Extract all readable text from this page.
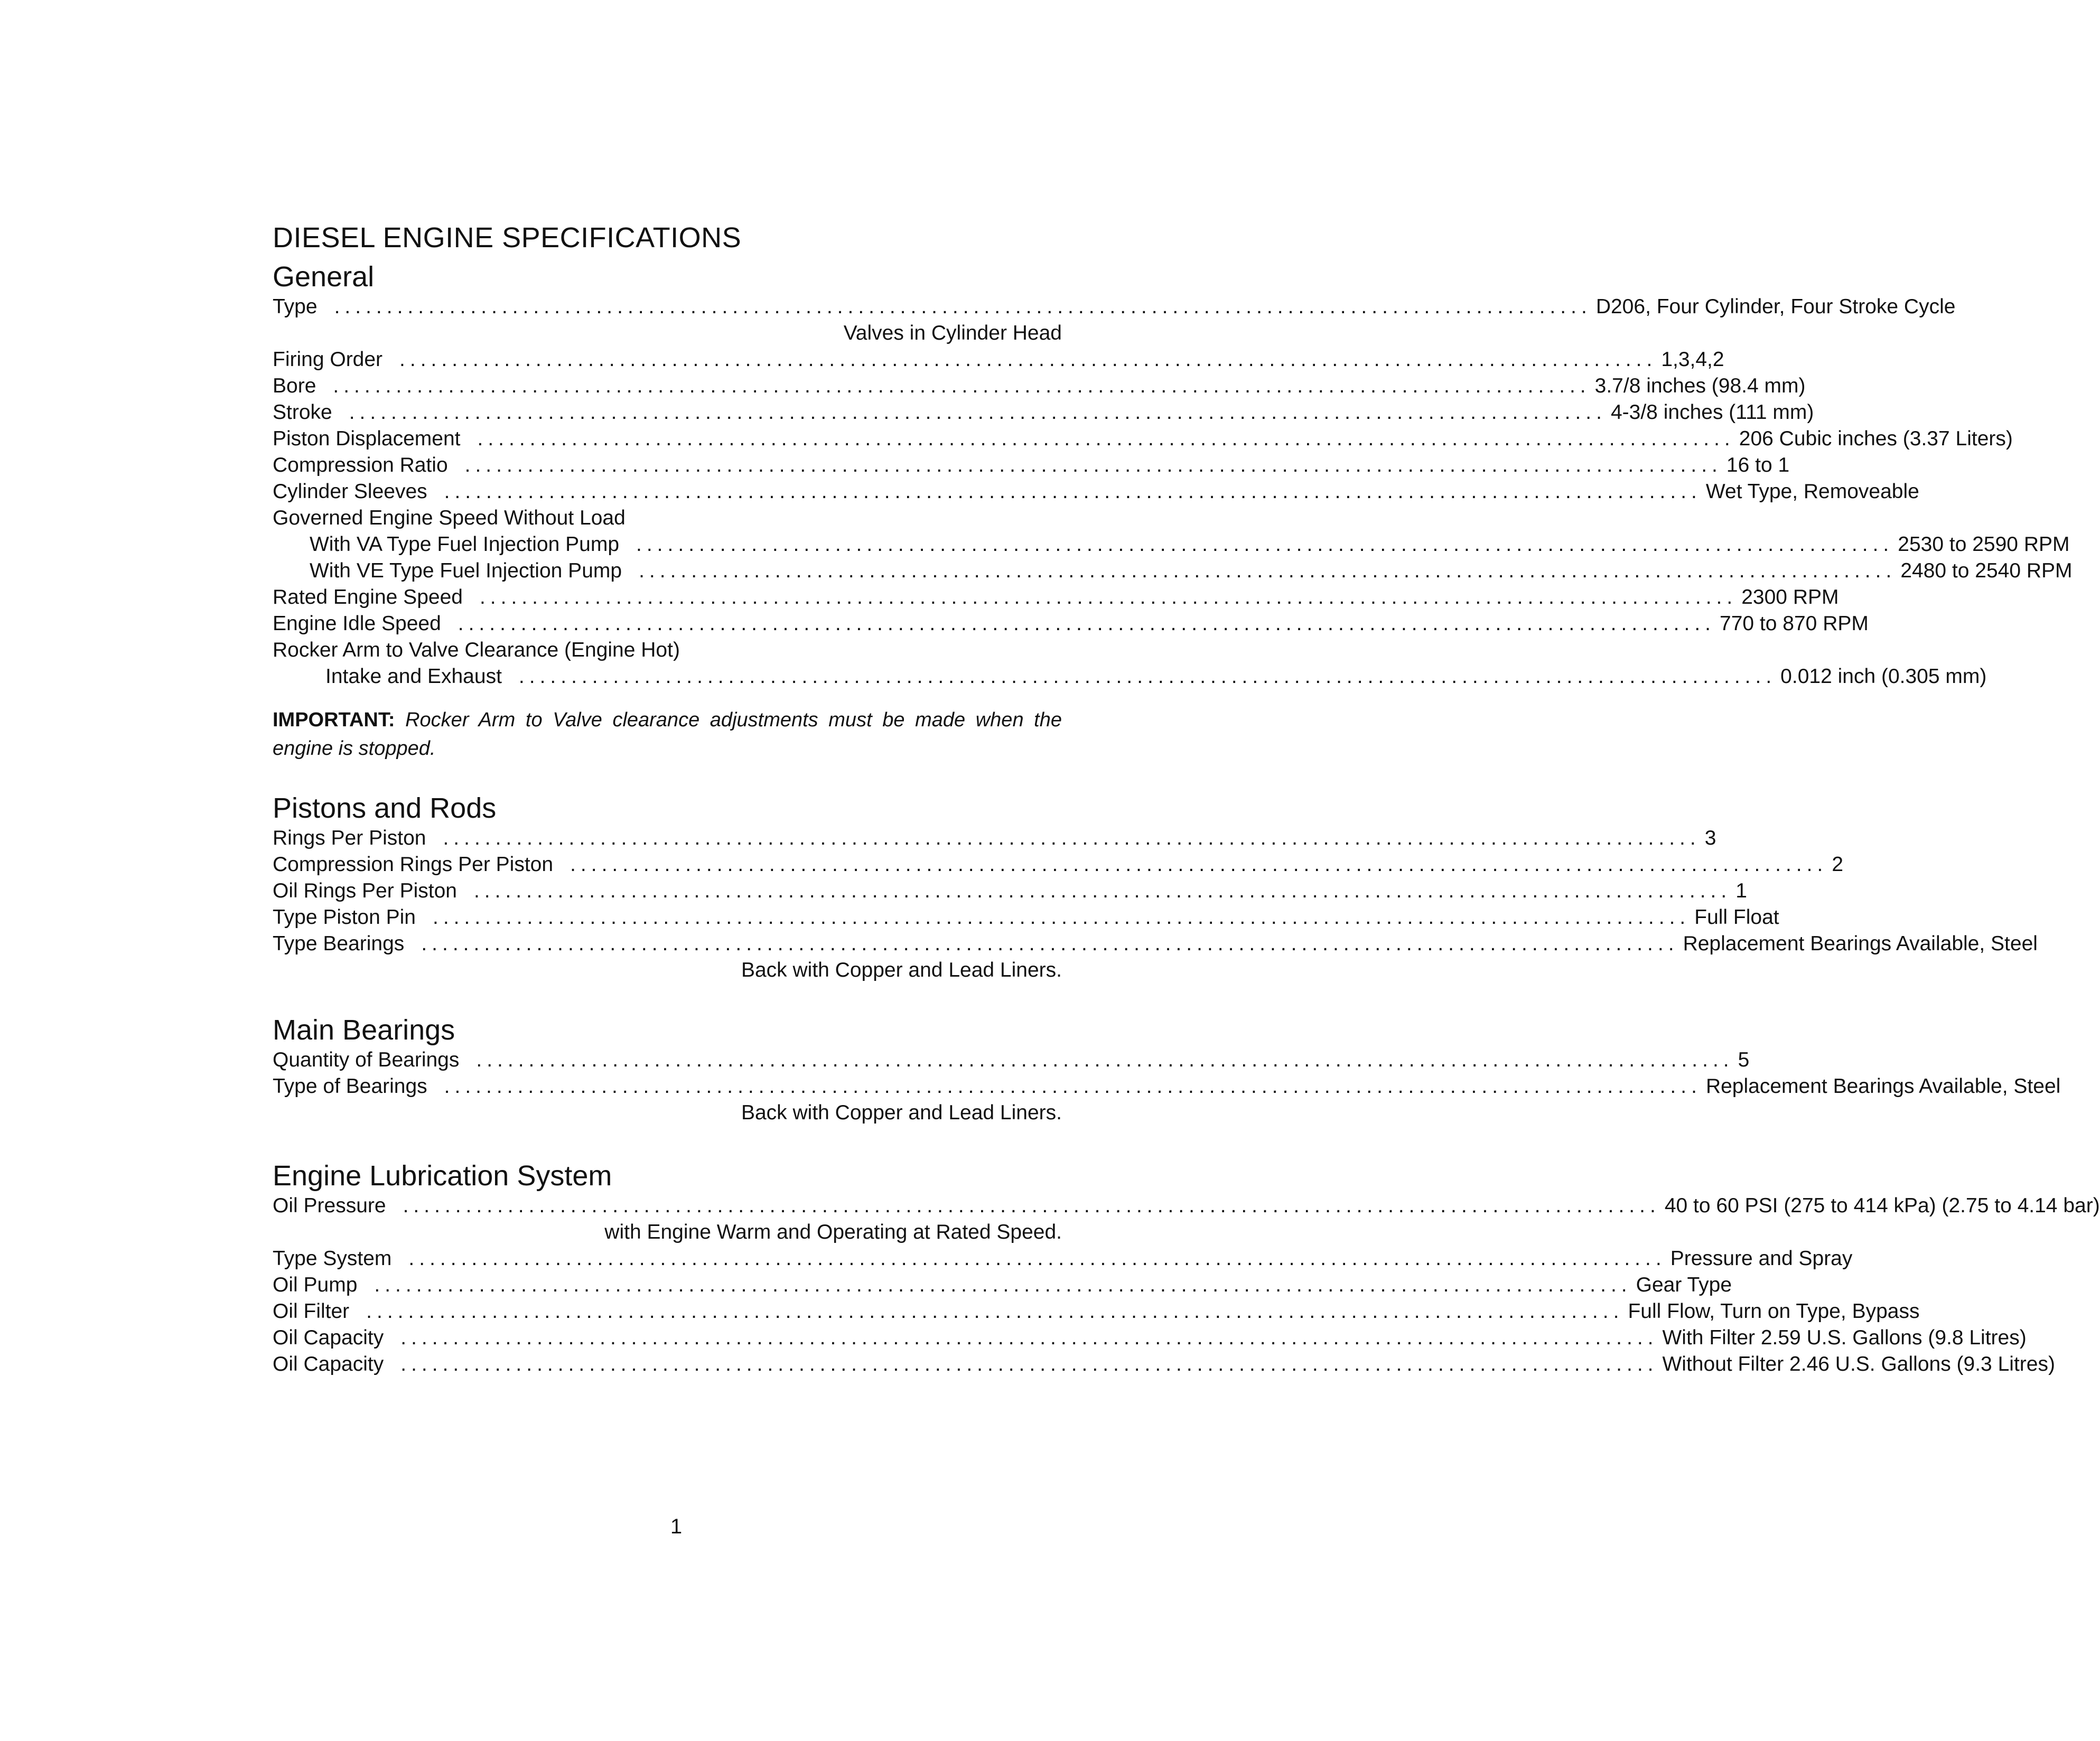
DIESEL ENGINE SPECIFICATIONS
General
Type ........................................................................................................................ D206, Four Cylinder, Four Stroke Cycle
Valves in Cylinder Head
Firing Order ........................................................................................................................ 1,3,4,2
Bore ........................................................................................................................ 3.7/8 inches (98.4 mm)
Stroke ........................................................................................................................ 4-3/8 inches (111 mm)
Piston Displacement ........................................................................................................................ 206 Cubic inches (3.37 Liters)
Compression Ratio ........................................................................................................................ 16 to 1
Cylinder Sleeves ........................................................................................................................ Wet Type, Removeable
Governed Engine Speed Without Load
With VA Type Fuel Injection Pump ........................................................................................................................ 2530 to 2590 RPM
With VE Type Fuel Injection Pump ........................................................................................................................ 2480 to 2540 RPM
Rated Engine Speed ........................................................................................................................ 2300 RPM
Engine Idle Speed ........................................................................................................................ 770 to 870 RPM
Rocker Arm to Valve Clearance (Engine Hot)
Intake and Exhaust ........................................................................................................................ 0.012 inch (0.305 mm)

IMPORTANT: Rocker Arm to Valve clearance adjustments must be made when the engine is stopped.

Pistons and Rods
Rings Per Piston ........................................................................................................................ 3
Compression Rings Per Piston ........................................................................................................................ 2
Oil Rings Per Piston ........................................................................................................................ 1
Type Piston Pin ........................................................................................................................ Full Float
Type Bearings ........................................................................................................................ Replacement Bearings Available, Steel
Back with Copper and Lead Liners.
Main Bearings
Quantity of Bearings ........................................................................................................................ 5
Type of Bearings ........................................................................................................................ Replacement Bearings Available, Steel
Back with Copper and Lead Liners.
Engine Lubrication System
Oil Pressure ........................................................................................................................ 40 to 60 PSI (275 to 414 kPa) (2.75 to 4.14 bar)
with Engine Warm and Operating at Rated Speed.
Type System ........................................................................................................................ Pressure and Spray
Oil Pump ........................................................................................................................ Gear Type
Oil Filter ........................................................................................................................ Full Flow, Turn on Type, Bypass
Oil Capacity ........................................................................................................................ With Filter 2.59 U.S. Gallons (9.8 Litres)
Oil Capacity ........................................................................................................................ Without Filter 2.46 U.S. Gallons (9.3 Litres)
1
